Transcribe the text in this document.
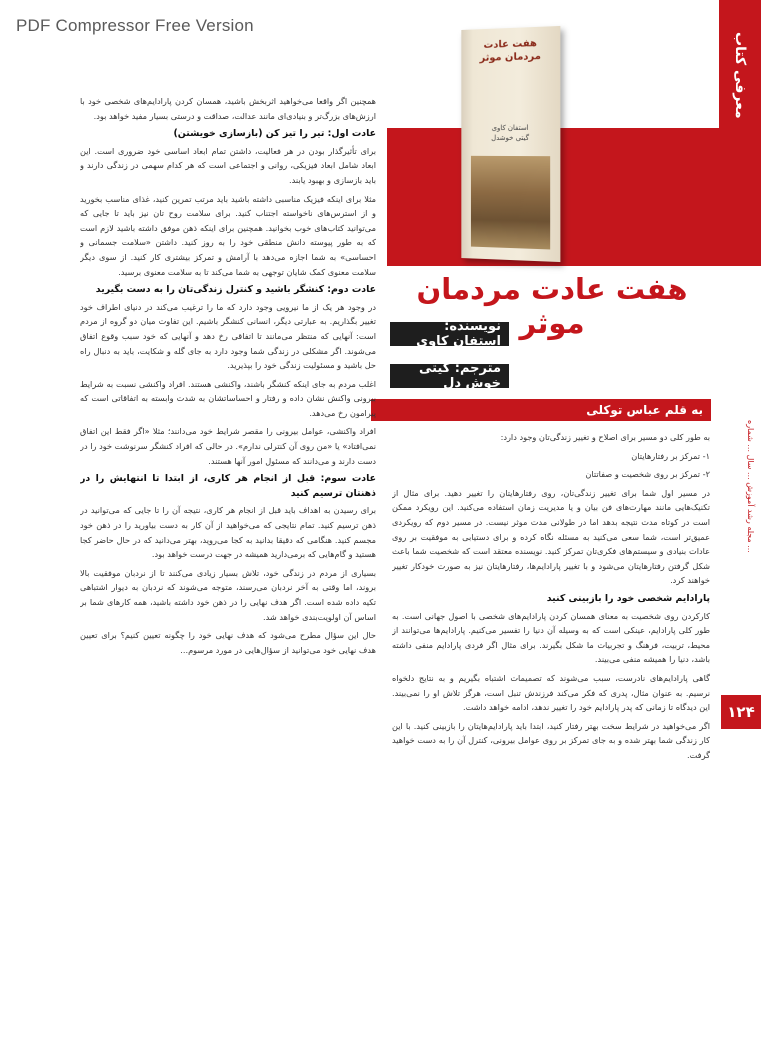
PDF Compressor Free Version
معرفی کتاب
مجله رشد آموزش ... سال ... شماره ...
۱۲۴
هفت عادت مردمان موثر
استفان کاوی
گیتی خوشدل
هفت عادت مردمان موثر
نویسنده: استفان کاوی
مترجم: گیتی خوش دل
به قلم عباس توکلی

همچنین اگر واقعا می‌خواهید اثربخش باشید، همسان کردن پارادایم‌های شخصی خود با ارزش‌های بزرگ‌تر و بنیادی‌ای مانند عدالت، صداقت و درستی بسیار مفید خواهد بود.

عادت اول: تیر را تیز کن (بازسازی خویشتن)

برای تأثیرگذار بودن در هر فعالیت، داشتن تمام ابعاد اساسی خود ضروری است. این ابعاد شامل ابعاد فیزیکی، روانی و اجتماعی است که هر کدام سهمی در زندگی دارند و باید بازسازی و بهبود یابند.

مثلا برای اینکه فیزیک مناسبی داشته باشید باید مرتب تمرین کنید، غذای مناسب بخورید و از استرس‌های ناخواسته اجتناب کنید. برای سلامت روح تان نیز باید تا جایی که می‌توانید کتاب‌های خوب بخوانید. همچنین برای اینکه ذهن موفق داشته باشید لازم است که به طور پیوسته دانش منطقی خود را به روز کنید. داشتن «سلامت جسمانی و احساسی» به شما اجازه می‌دهد با آرامش و تمرکز بیشتری کار کنید. از سوی دیگر سلامت معنوی کمک شایان توجهی به شما می‌کند تا به سلامت معنوی برسید.

عادت دوم: کنشگر باشید و کنترل زندگی‌تان را به دست بگیرید

در وجود هر یک از ما نیرویی وجود دارد که ما را ترغیب می‌کند در دنیای اطراف خود تغییر بگذاریم. به عبارتی دیگر، انسانی کنشگر باشیم. این تفاوت میان دو گروه از مردم است: آنهایی که منتظر می‌مانند تا اتفاقی رخ دهد و آنهایی که خود سبب وقوع اتفاق می‌شوند. اگر مشکلی در زندگی شما وجود دارد به جای گله و شکایت، باید به دنبال راه حل باشید و مسئولیت زندگی خود را بپذیرید.

اغلب مردم به جای اینکه کنشگر باشند، واکنشی هستند. افراد واکنشی نسبت به شرایط بیرونی واکنش نشان داده و رفتار و احساساتشان به شدت وابسته به اتفاقاتی است که پیرامون رخ می‌دهد.

افراد واکنشی، عوامل بیرونی را مقصر شرایط خود می‌دانند؛ مثلا «اگر فقط این اتفاق نمی‌افتاد» یا «من روی آن کنترلی ندارم». در حالی که افراد کنشگر سرنوشت خود را در دست دارند و می‌دانند که مسئول امور آنها هستند.

عادت سوم: قبل از انجام هر کاری، از ابتدا تا انتهایش را در ذهنتان ترسیم کنید

برای رسیدن به اهداف باید قبل از انجام هر کاری، نتیجه آن را تا جایی که می‌توانید در ذهن ترسیم کنید. تمام نتایجی که می‌خواهید از آن کار به دست بیاورید را در ذهن خود مجسم کنید. هنگامی که دقیقا بدانید به کجا می‌روید، بهتر می‌دانید که در حال حاضر کجا هستید و گام‌هایی که برمی‌دارید همیشه در جهت درست خواهد بود.

بسیاری از مردم در زندگی خود، تلاش بسیار زیادی می‌کنند تا از نردبان موفقیت بالا بروند، اما وقتی به آخر نردبان می‌رسند، متوجه می‌شوند که نردبان به دیوار اشتباهی تکیه داده شده است. اگر هدف نهایی را در ذهن خود داشته باشید، همه کارهای شما بر اساس آن اولویت‌بندی خواهد شد.

حال این سؤال مطرح می‌شود که هدف نهایی خود را چگونه تعیین کنیم؟ برای تعیین هدف نهایی خود می‌توانید از سؤال‌هایی در مورد مرسوم...

به طور کلی دو مسیر برای اصلاح و تغییر زندگی‌تان وجود دارد:

۱- تمرکز بر رفتارهایتان

۲- تمرکز بر روی شخصیت و صفاتتان

در مسیر اول شما برای تغییر زندگی‌تان، روی رفتارهایتان را تغییر دهید. برای مثال از تکنیک‌هایی مانند مهارت‌های فن بیان و یا مدیریت زمان استفاده می‌کنید. این رویکرد ممکن است در کوتاه مدت نتیجه بدهد اما در طولانی مدت موثر نیست. در مسیر دوم که رویکردی عمیق‌تر است، شما سعی می‌کنید به مسئله نگاه کرده و برای دستیابی به موفقیت بر روی عادات بنیادی و سیستم‌های فکری‌تان تمرکز کنید. نویسنده معتقد است که شخصیت شما باعث شکل گرفتن رفتارهایتان می‌شود و با تغییر پارادایم‌ها، رفتارهایتان نیز به صورت خودکار تغییر خواهند کرد.

پارادایم شخصی خود را بازبینی کنید

کارکردن روی شخصیت به معنای همسان کردن پارادایم‌های شخصی با اصول جهانی است. به طور کلی پارادایم، عینکی است که به وسیله آن دنیا را تفسیر می‌کنیم. پارادایم‌ها می‌توانند از محیط، تربیت، فرهنگ و تجربیات ما شکل بگیرند. برای مثال اگر فردی پارادایم منفی داشته باشد، دنیا را همیشه منفی می‌بیند.

گاهی پارادایم‌های نادرست، سبب می‌شوند که تصمیمات اشتباه بگیریم و به نتایج دلخواه نرسیم. به عنوان مثال، پدری که فکر می‌کند فرزندش تنبل است، هرگز تلاش او را نمی‌بیند. این دیدگاه تا زمانی که پدر پارادایم خود را تغییر ندهد، ادامه خواهد داشت.

اگر می‌خواهید در شرایط سخت بهتر رفتار کنید، ابتدا باید پارادایم‌هایتان را بازبینی کنید. با این کار زندگی شما بهتر شده و به جای تمرکز بر روی عوامل بیرونی، کنترل آن را به دست خواهید گرفت.
